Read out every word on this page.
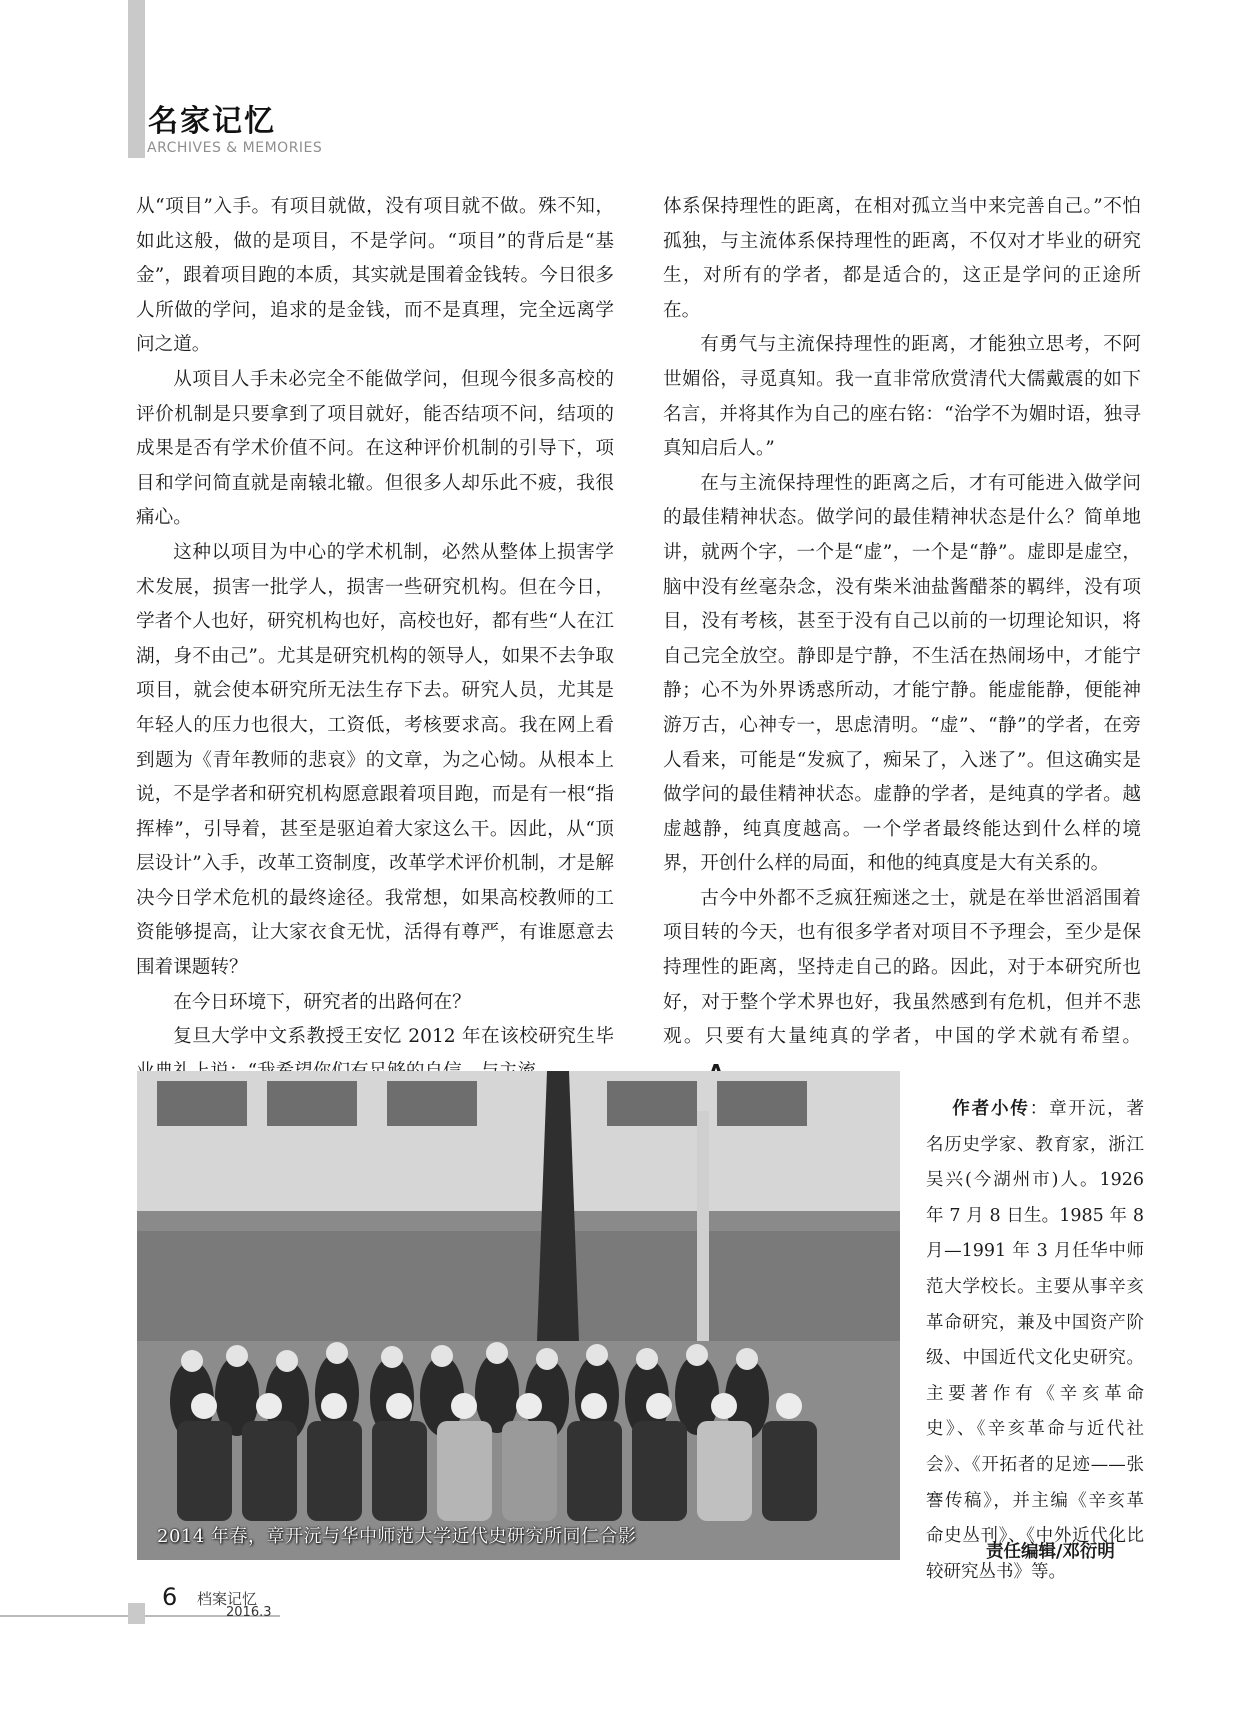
名家记忆
ARCHIVES & MEMORIES

从“项目”入手。有项目就做，没有项目就不做。殊不知，如此这般，做的是项目，不是学问。“项目”的背后是“基金”，跟着项目跑的本质，其实就是围着金钱转。今日很多人所做的学问，追求的是金钱，而不是真理，完全远离学问之道。

从项目人手未必完全不能做学问，但现今很多高校的评价机制是只要拿到了项目就好，能否结项不问，结项的成果是否有学术价值不问。在这种评价机制的引导下，项目和学问简直就是南辕北辙。但很多人却乐此不疲，我很痛心。

这种以项目为中心的学术机制，必然从整体上损害学术发展，损害一批学人，损害一些研究机构。但在今日，学者个人也好，研究机构也好，高校也好，都有些“人在江湖，身不由己”。尤其是研究机构的领导人，如果不去争取项目，就会使本研究所无法生存下去。研究人员，尤其是年轻人的压力也很大，工资低，考核要求高。我在网上看到题为《青年教师的悲哀》的文章，为之心恸。从根本上说，不是学者和研究机构愿意跟着项目跑，而是有一根“指挥棒”，引导着，甚至是驱迫着大家这么干。因此，从“顶层设计”入手，改革工资制度，改革学术评价机制，才是解决今日学术危机的最终途径。我常想，如果高校教师的工资能够提高，让大家衣食无忧，活得有尊严，有谁愿意去围着课题转？

在今日环境下，研究者的出路何在？

复旦大学中文系教授王安忆 2012 年在该校研究生毕

体系保持理性的距离，在相对孤立当中来完善自己。”不怕孤独，与主流体系保持理性的距离，不仅对才毕业的研究生，对所有的学者，都是适合的，这正是学问的正途所在。

有勇气与主流保持理性的距离，才能独立思考，不阿世媚俗，寻觅真知。我一直非常欣赏清代大儒戴震的如下名言，并将其作为自己的座右铭：“治学不为媚时语，独寻真知启后人。”

在与主流保持理性的距离之后，才有可能进入做学问的最佳精神状态。做学问的最佳精神状态是什么？简单地讲，就两个字，一个是“虚”，一个是“静”。虚即是虚空，脑中没有丝毫杂念，没有柴米油盐酱醋茶的羁绊，没有项目，没有考核，甚至于没有自己以前的一切理论知识，将自己完全放空。静即是宁静，不生活在热闹场中，才能宁静；心不为外界诱惑所动，才能宁静。能虚能静，便能神游万古，心神专一，思虑清明。“虚”、“静”的学者，在旁人看来，可能是“发疯了，痴呆了，入迷了”。但这确实是做学问的最佳精神状态。虚静的学者，是纯真的学者。越虚越静，纯真度越高。一个学者最终能达到什么样的境界，开创什么样的局面，和他的纯真度是大有关系的。

古今中外都不乏疯狂痴迷之士，就是在举世滔滔围着项目转的今天，也有很多学者对项目不予理会，至少是保持理性的距离，坚持走自己的路。因此，对于本研究所也好，对于整个学术界也好，我虽然感到有危机，但并不悲观。只要有大量纯真的学者，中国的学术就有希望。

2014 年春，章开沅与华中师范大学近代史研究所同仁合影
作者小传：章开沅，著名历史学家、教育家，浙江吴兴(今湖州市)人。1926 年 7 月 8 日生。1985 年 8 月—1991 年 3 月任华中师范大学校长。主要从事辛亥革命研究，兼及中国资产阶级、中国近代文化史研究。主要著作有《辛亥革命史》、《辛亥革命与近代社会》、《开拓者的足迹——张謇传稿》，并主编《辛亥革命史丛刊》、《中外近代化比较研究丛书》等。
责任编辑/邓衍明
6 档案记忆
2016.3
